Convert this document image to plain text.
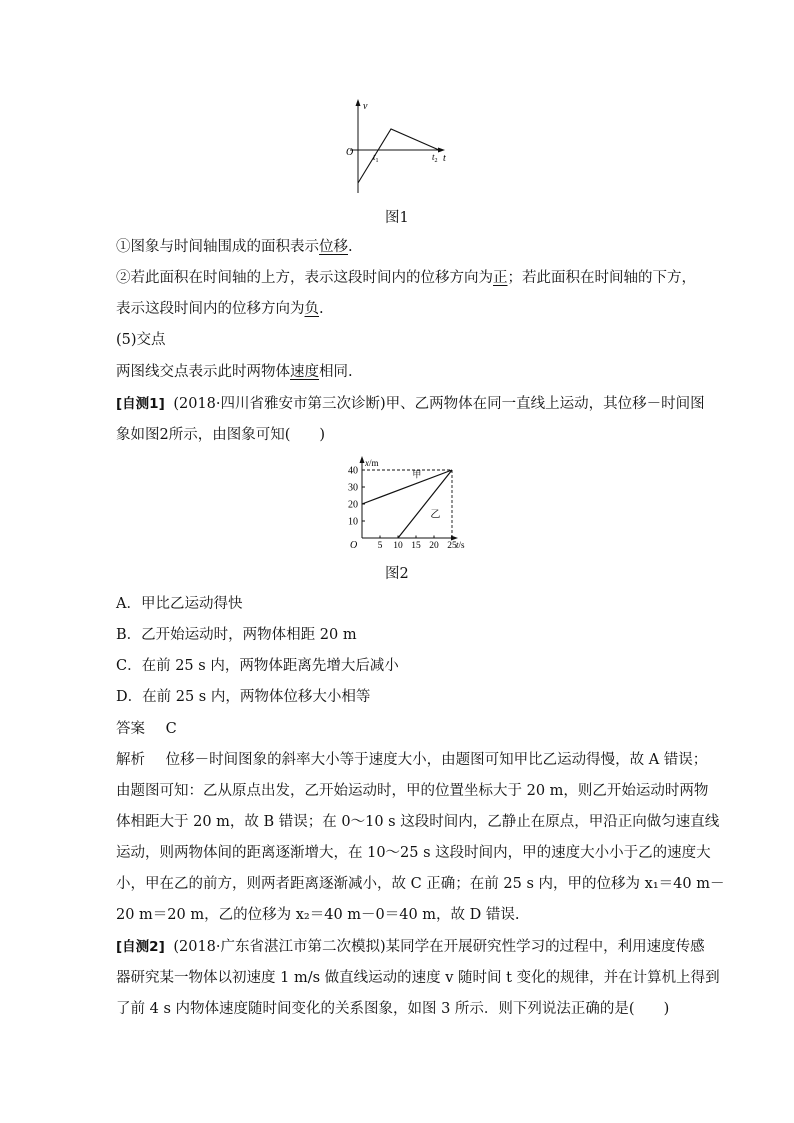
v
O
t
$t_1$	$t_2$
图1
①图象与时间轴围成的面积表示位移.
②若此面积在时间轴的上方，表示这段时间内的位移方向为正；若此面积在时间轴的下方，
表示这段时间内的位移方向为负.
(5)交点
两图线交点表示此时两物体速度相同.
[自测1] (2018·四川省雅安市第三次诊断)甲、乙两物体在同一直线上运动，其位移－时间图
象如图2所示，由图象可知(　　)
x/m
t/s
O
10
20
30
40
5 10 15 20 25
甲
乙
图2
A．甲比乙运动得快
B．乙开始运动时，两物体相距 20 m
C．在前 25 s 内，两物体距离先增大后减小
D．在前 25 s 内，两物体位移大小相等
答案 C
解析 位移－时间图象的斜率大小等于速度大小，由题图可知甲比乙运动得慢，故 A 错误；
由题图可知：乙从原点出发，乙开始运动时，甲的位置坐标大于 20 m，则乙开始运动时两物
体相距大于 20 m，故 B 错误；在 0～10 s 这段时间内，乙静止在原点，甲沿正向做匀速直线
运动，则两物体间的距离逐渐增大，在 10～25 s 这段时间内，甲的速度大小小于乙的速度大
小，甲在乙的前方，则两者距离逐渐减小，故 C 正确；在前 25 s 内，甲的位移为 x₁＝40 m－
20 m＝20 m，乙的位移为 x₂＝40 m－0＝40 m，故 D 错误.
[自测2] (2018·广东省湛江市第二次模拟)某同学在开展研究性学习的过程中，利用速度传感
器研究某一物体以初速度 1 m/s 做直线运动的速度 v 随时间 t 变化的规律，并在计算机上得到
了前 4 s 内物体速度随时间变化的关系图象，如图 3 所示．则下列说法正确的是(　　)
